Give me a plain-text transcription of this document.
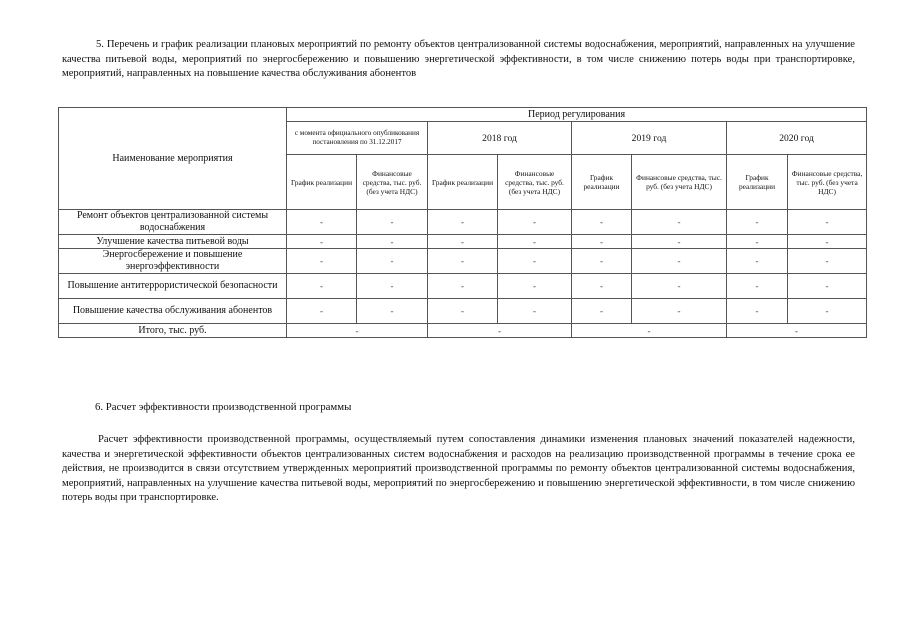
5. Перечень и график реализации плановых мероприятий по ремонту объектов централизованной системы водоснабжения, мероприятий, направленных на улучшение качества питьевой воды, мероприятий по энергосбережению и повышению энергетической эффективности, в том числе снижению потерь воды при транспортировке, мероприятий, направленных на повышение качества обслуживания абонентов
Наименование мероприятия	Период регулирования							
	с момента официального опубликования постановления по 31.12.2017		2018 год		2019 год		2020 год	
	График реализации	Финансовые средства, тыс. руб. (без учета НДС)	График реализации	Финансовые средства, тыс. руб. (без учета НДС)	График реализации	Финансовые средства, тыс. руб. (без учета НДС)	График реализации	Финансовые средства, тыс. руб. (без учета НДС)
Ремонт объектов централизованной системы водоснабжения	-	-	-	-	-	-	-	-
Улучшение качества питьевой воды	-	-	-	-	-	-	-	-
Энергосбережение и повышение энергоэффективности	-	-	-	-	-	-	-	-
Повышение антитеррористической безопасности	-	-	-	-	-	-	-	-
Повышение качества обслуживания абонентов	-	-	-	-	-	-	-	-
Итого, тыс. руб.	-		-		-		-	
6. Расчет эффективности производственной программы
Расчет эффективности производственной программы, осуществляемый путем сопоставления динамики изменения плановых значений показателей надежности, качества и энергетической эффективности объектов централизованных систем водоснабжения и расходов на реализацию производственной программы в течение срока ее действия, не производится в связи отсутствием утвержденных мероприятий производственной программы по ремонту объектов централизованной системы водоснабжения, мероприятий, направленных на улучшение качества питьевой воды, мероприятий по энергосбережению и повышению энергетической эффективности, в том числе снижению потерь воды при транспортировке.
